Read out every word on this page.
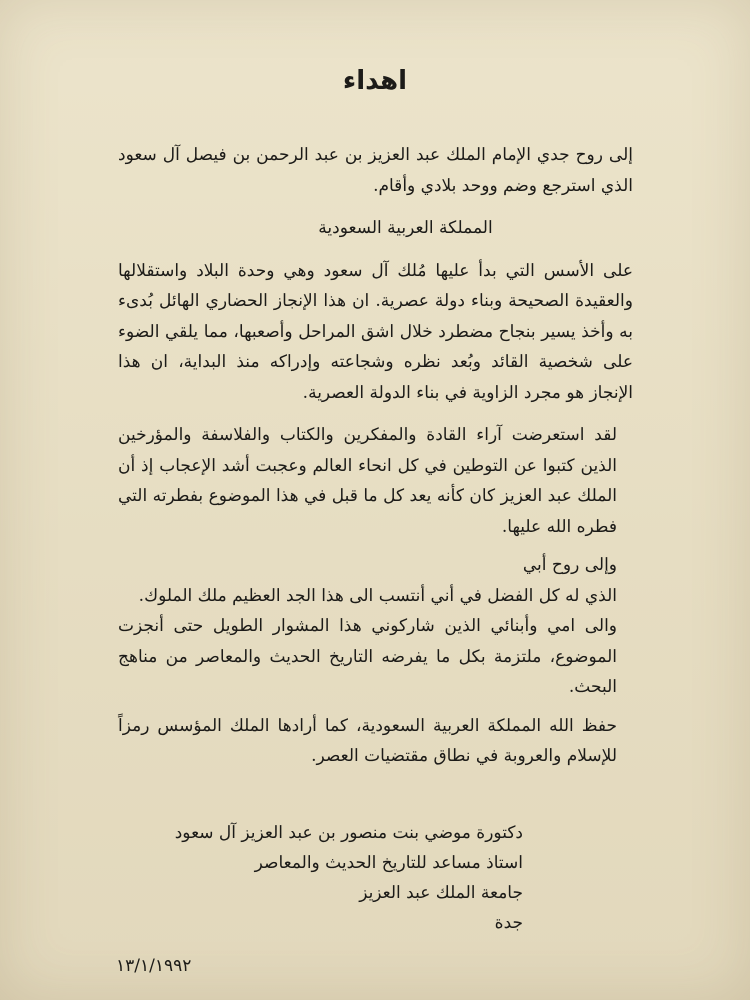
اهداء

إلى روح جدي الإمام الملك عبد العزيز بن عبد الرحمن بن فيصل آل سعود الذي استرجع وضم ووحد بلادي وأقام.

المملكة العربية السعودية

على الأسس التي بدأ عليها مُلك آل سعود وهي وحدة البلاد واستقلالها والعقيدة الصحيحة وبناء دولة عصرية. ان هذا الإنجاز الحضاري الهائل بُدىء به وأخذ يسير بنجاح مضطرد خلال اشق المراحل وأصعبها، مما يلقي الضوء على شخصية القائد وبُعد نظره وشجاعته وإدراكه منذ البداية، ان هذا الإنجاز هو مجرد الزاوية في بناء الدولة العصرية.

لقد استعرضت آراء القادة والمفكرين والكتاب والفلاسفة والمؤرخين الذين كتبوا عن التوطين في كل انحاء العالم وعجبت أشد الإعجاب إذ أن الملك عبد العزيز كان كأنه يعد كل ما قبل في هذا الموضوع بفطرته التي فطره الله عليها.

وإلى روح أبي

الذي له كل الفضل في أني أنتسب الى هذا الجد العظيم ملك الملوك.

والى امي وأبنائي الذين شاركوني هذا المشوار الطويل حتى أنجزت الموضوع، ملتزمة بكل ما يفرضه التاريخ الحديث والمعاصر من مناهج البحث.

حفظ الله المملكة العربية السعودية، كما أرادها الملك المؤسس رمزاً للإسلام والعروبة في نطاق مقتضيات العصر.

دكتورة موضي بنت منصور بن عبد العزيز آل سعود

استاذ مساعد للتاريخ الحديث والمعاصر

جامعة الملك عبد العزيز

جدة

١٣/١/١٩٩٢
